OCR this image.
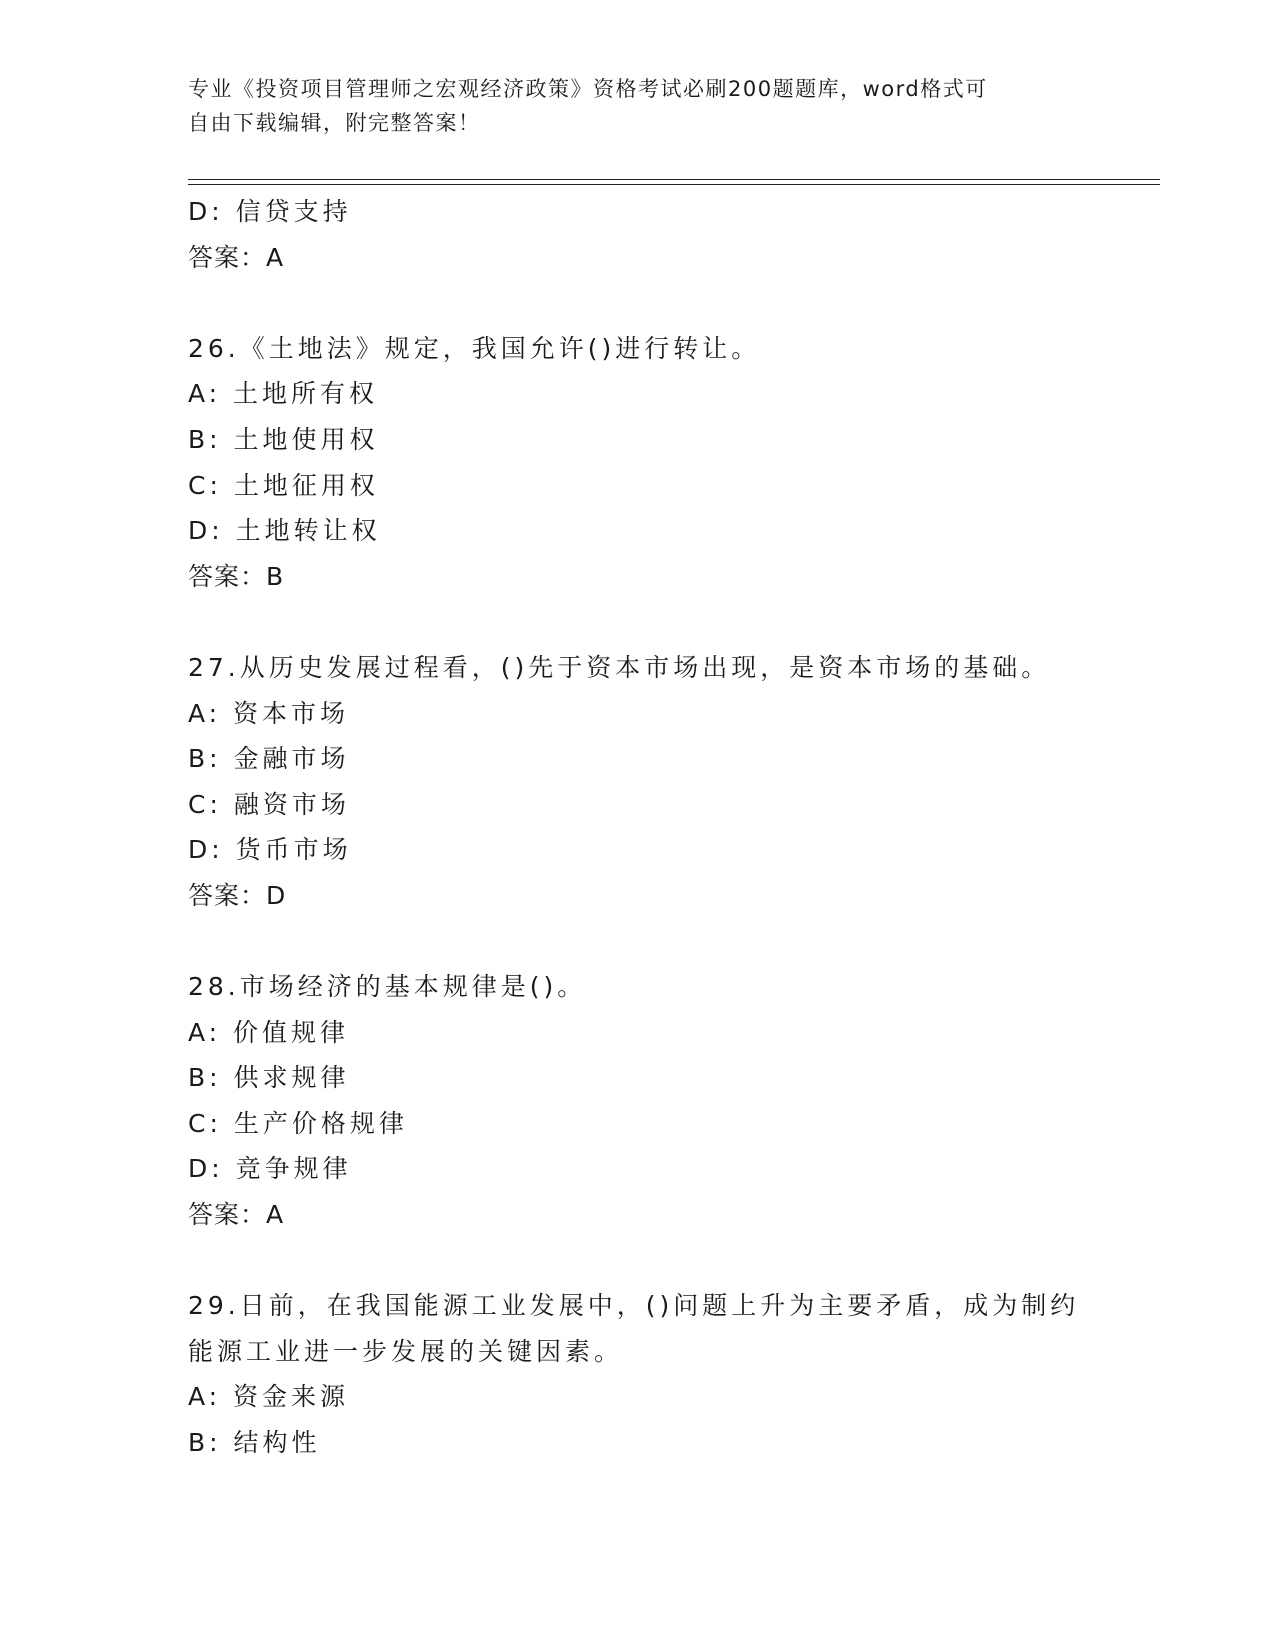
专业《投资项目管理师之宏观经济政策》资格考试必刷200题题库，word格式可
自由下载编辑，附完整答案！
D: 信贷支持
答案：A
26.《土地法》规定，我国允许()进行转让。
A: 土地所有权
B: 土地使用权
C: 土地征用权
D: 土地转让权
答案：B
27.从历史发展过程看，()先于资本市场出现，是资本市场的基础。
A: 资本市场
B: 金融市场
C: 融资市场
D: 货币市场
答案：D
28.市场经济的基本规律是()。
A: 价值规律
B: 供求规律
C: 生产价格规律
D: 竞争规律
答案：A
29.日前，在我国能源工业发展中，()问题上升为主要矛盾，成为制约
能源工业进一步发展的关键因素。
A: 资金来源
B: 结构性
